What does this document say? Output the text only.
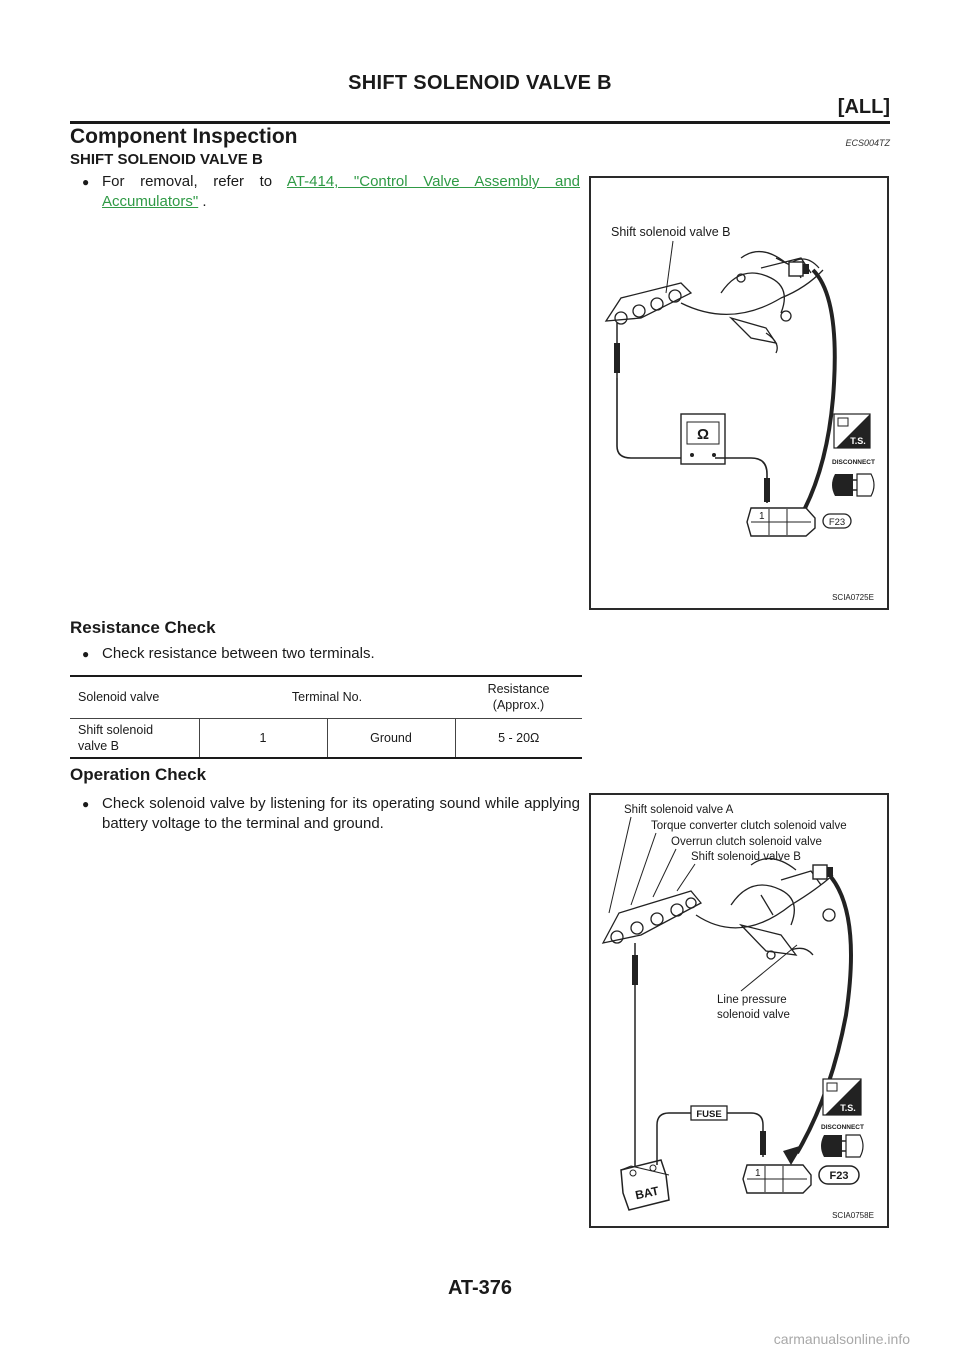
SHIFT SOLENOID VALVE B
[ALL]
Component Inspection	ECS004TZ
SHIFT SOLENOID VALVE B

● For removal, refer to AT-414, "Control Valve Assembly and Accumulators" .

Shift solenoid valve B
Ω
1
F23
T.S.
DISCONNECT
SCIA0725E
Resistance Check

● Check resistance between two terminals.

Solenoid valve	Terminal No.		Resistance (Approx.)
Shift solenoid valve B	1	Ground	5 - 20Ω
Operation Check

● Check solenoid valve by listening for its operating sound while applying battery voltage to the terminal and ground.

Shift solenoid valve A
Torque converter clutch solenoid valve
Overrun clutch solenoid valve
Shift solenoid valve B
Line pressure
solenoid valve
BAT
FUSE
1	F23
T.S.
DISCONNECT
SCIA0758E
AT-376
carmanualsonline.info
